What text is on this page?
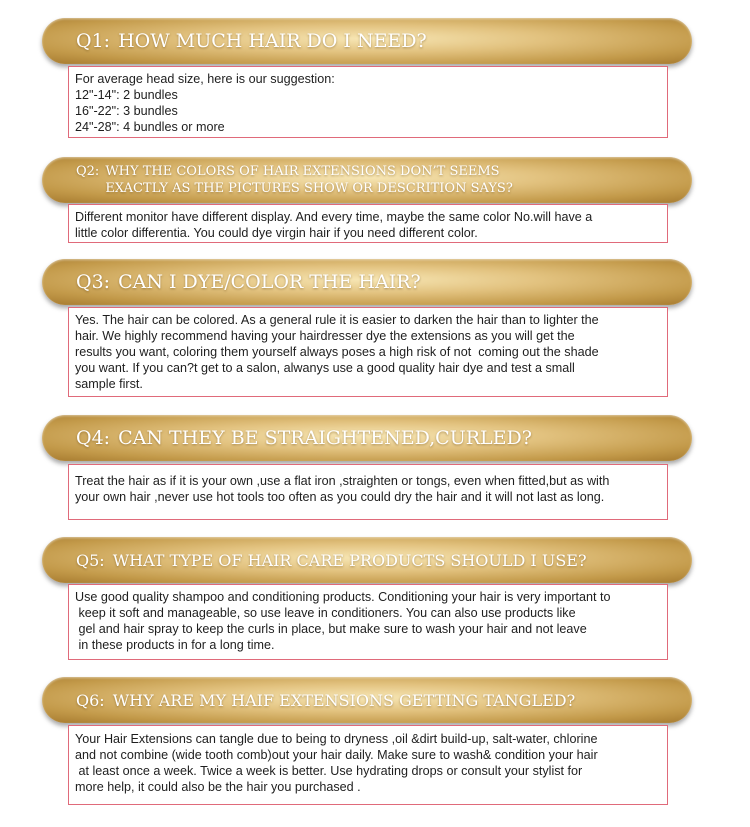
Q1: HOW MUCH HAIR DO I NEED?
For average head size, here is our suggestion:
12"-14": 2 bundles
16"-22": 3 bundles
24"-28": 4 bundles or more
Q2: WHY THE COLORS OF HAIR EXTENSIONS DON’T SEEMS
EXACTLY AS THE PICTURES SHOW OR DESCRITION SAYS?
Different monitor have different display. And every time, maybe the same color No.will have a
little color differentia. You could dye virgin hair if you need different color.
Q3: CAN I DYE/COLOR THE HAIR?
Yes. The hair can be colored. As a general rule it is easier to darken the hair than to lighter the
hair. We highly recommend having your hairdresser dye the extensions as you will get the
results you want, coloring them yourself always poses a high risk of not  coming out the shade
you want. If you can?t get to a salon, alwanys use a good quality hair dye and test a small
sample first.
Q4: CAN THEY BE STRAIGHTENED,CURLED?
Treat the hair as if it is your own ,use a flat iron ,straighten or tongs, even when fitted,but as with
your own hair ,never use hot tools too often as you could dry the hair and it will not last as long.
Q5: WHAT TYPE OF HAIR CARE PRODUCTS SHOULD I USE?
Use good quality shampoo and conditioning products. Conditioning your hair is very important to
keep it soft and manageable, so use leave in conditioners. You can also use products like
gel and hair spray to keep the curls in place, but make sure to wash your hair and not leave
in these products in for a long time.
Q6: WHY ARE MY HAIF EXTENSIONS GETTING TANGLED?
Your Hair Extensions can tangle due to being to dryness ,oil &dirt build-up, salt-water, chlorine
and not combine (wide tooth comb)out your hair daily. Make sure to wash& condition your hair
at least once a week. Twice a week is better. Use hydrating drops or consult your stylist for
more help, it could also be the hair you purchased .
